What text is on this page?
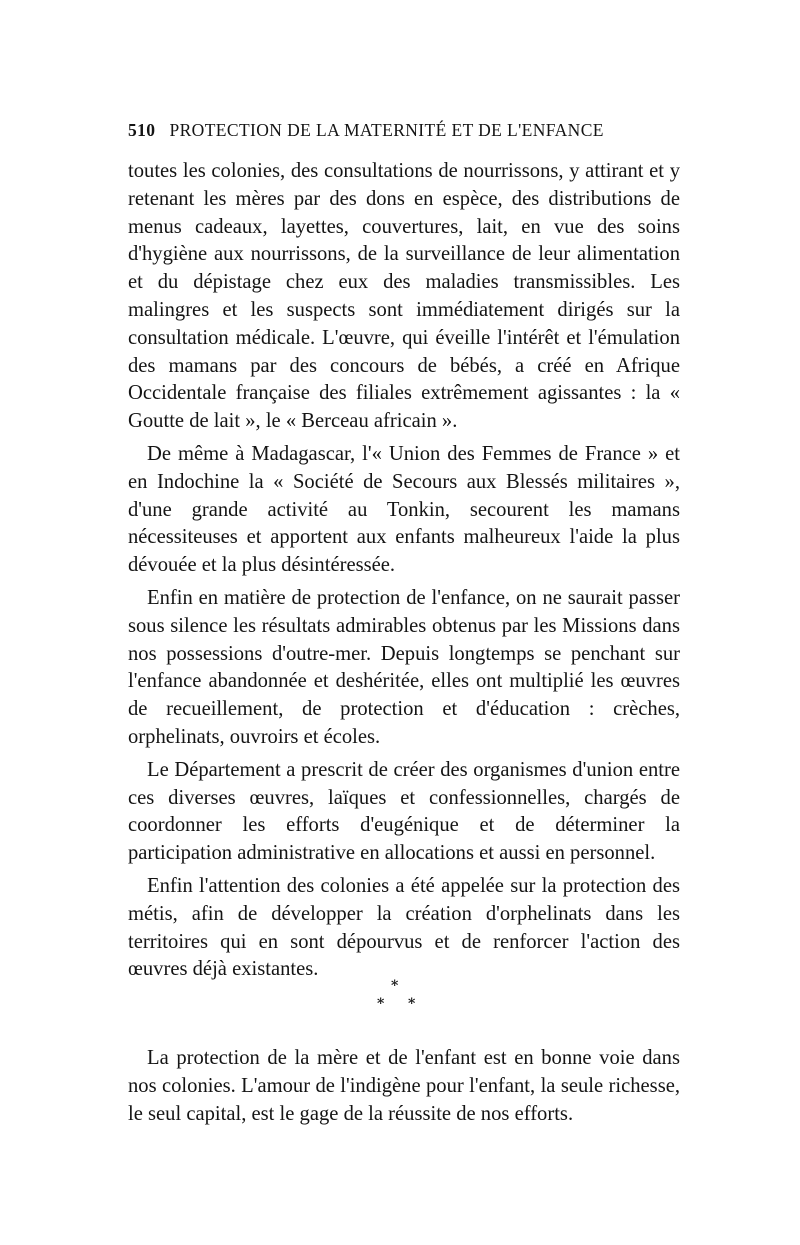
510 PROTECTION DE LA MATERNITÉ ET DE L'ENFANCE

toutes les colonies, des consultations de nourrissons, y attirant et y retenant les mères par des dons en espèce, des distributions de menus cadeaux, layettes, couvertures, lait, en vue des soins d'hygiène aux nourrissons, de la surveillance de leur alimentation et du dépistage chez eux des maladies transmissibles. Les malingres et les suspects sont immédiatement dirigés sur la consultation médicale. L'œuvre, qui éveille l'intérêt et l'émulation des mamans par des concours de bébés, a créé en Afrique Occidentale française des filiales extrêmement agissantes : la « Goutte de lait », le « Berceau africain ».

De même à Madagascar, l'« Union des Femmes de France » et en Indochine la « Société de Secours aux Blessés militaires », d'une grande activité au Tonkin, secourent les mamans nécessiteuses et apportent aux enfants malheureux l'aide la plus dévouée et la plus désintéressée.

Enfin en matière de protection de l'enfance, on ne saurait passer sous silence les résultats admirables obtenus par les Missions dans nos possessions d'outre-mer. Depuis longtemps se penchant sur l'enfance abandonnée et deshéritée, elles ont multiplié les œuvres de recueillement, de protection et d'éducation : crèches, orphelinats, ouvroirs et écoles.

Le Département a prescrit de créer des organismes d'union entre ces diverses œuvres, laïques et confessionnelles, chargés de coordonner les efforts d'eugénique et de déterminer la participation administrative en allocations et aussi en personnel.

Enfin l'attention des colonies a été appelée sur la protection des métis, afin de développer la création d'orphelinats dans les territoires qui en sont dépourvus et de renforcer l'action des œuvres déjà existantes.

*
* *

La protection de la mère et de l'enfant est en bonne voie dans nos colonies. L'amour de l'indigène pour l'enfant, la seule richesse, le seul capital, est le gage de la réussite de nos efforts.
